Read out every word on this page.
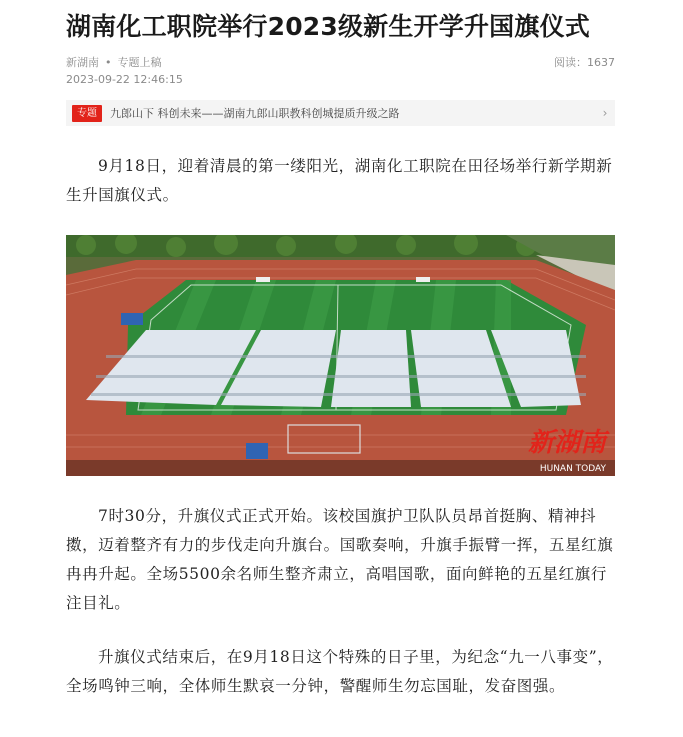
湖南化工职院举行2023级新生开学升国旗仪式
新湖南 • 专题上稿	阅读：1637
2023-09-22 12:46:15
专题	九郎山下 科创未来——湖南九郎山职教科创城提质升级之路	›

9月18日，迎着清晨的第一缕阳光，湖南化工职院在田径场举行新学期新生升国旗仪式。

新湖南
HUNAN TODAY

7时30分，升旗仪式正式开始。该校国旗护卫队队员昂首挺胸、精神抖擞，迈着整齐有力的步伐走向升旗台。国歌奏响，升旗手振臂一挥，五星红旗冉冉升起。全场5500余名师生整齐肃立，高唱国歌，面向鲜艳的五星红旗行注目礼。

升旗仪式结束后，在9月18日这个特殊的日子里，为纪念“九一八事变”，全场鸣钟三响，全体师生默哀一分钟，警醒师生勿忘国耻，发奋图强。
